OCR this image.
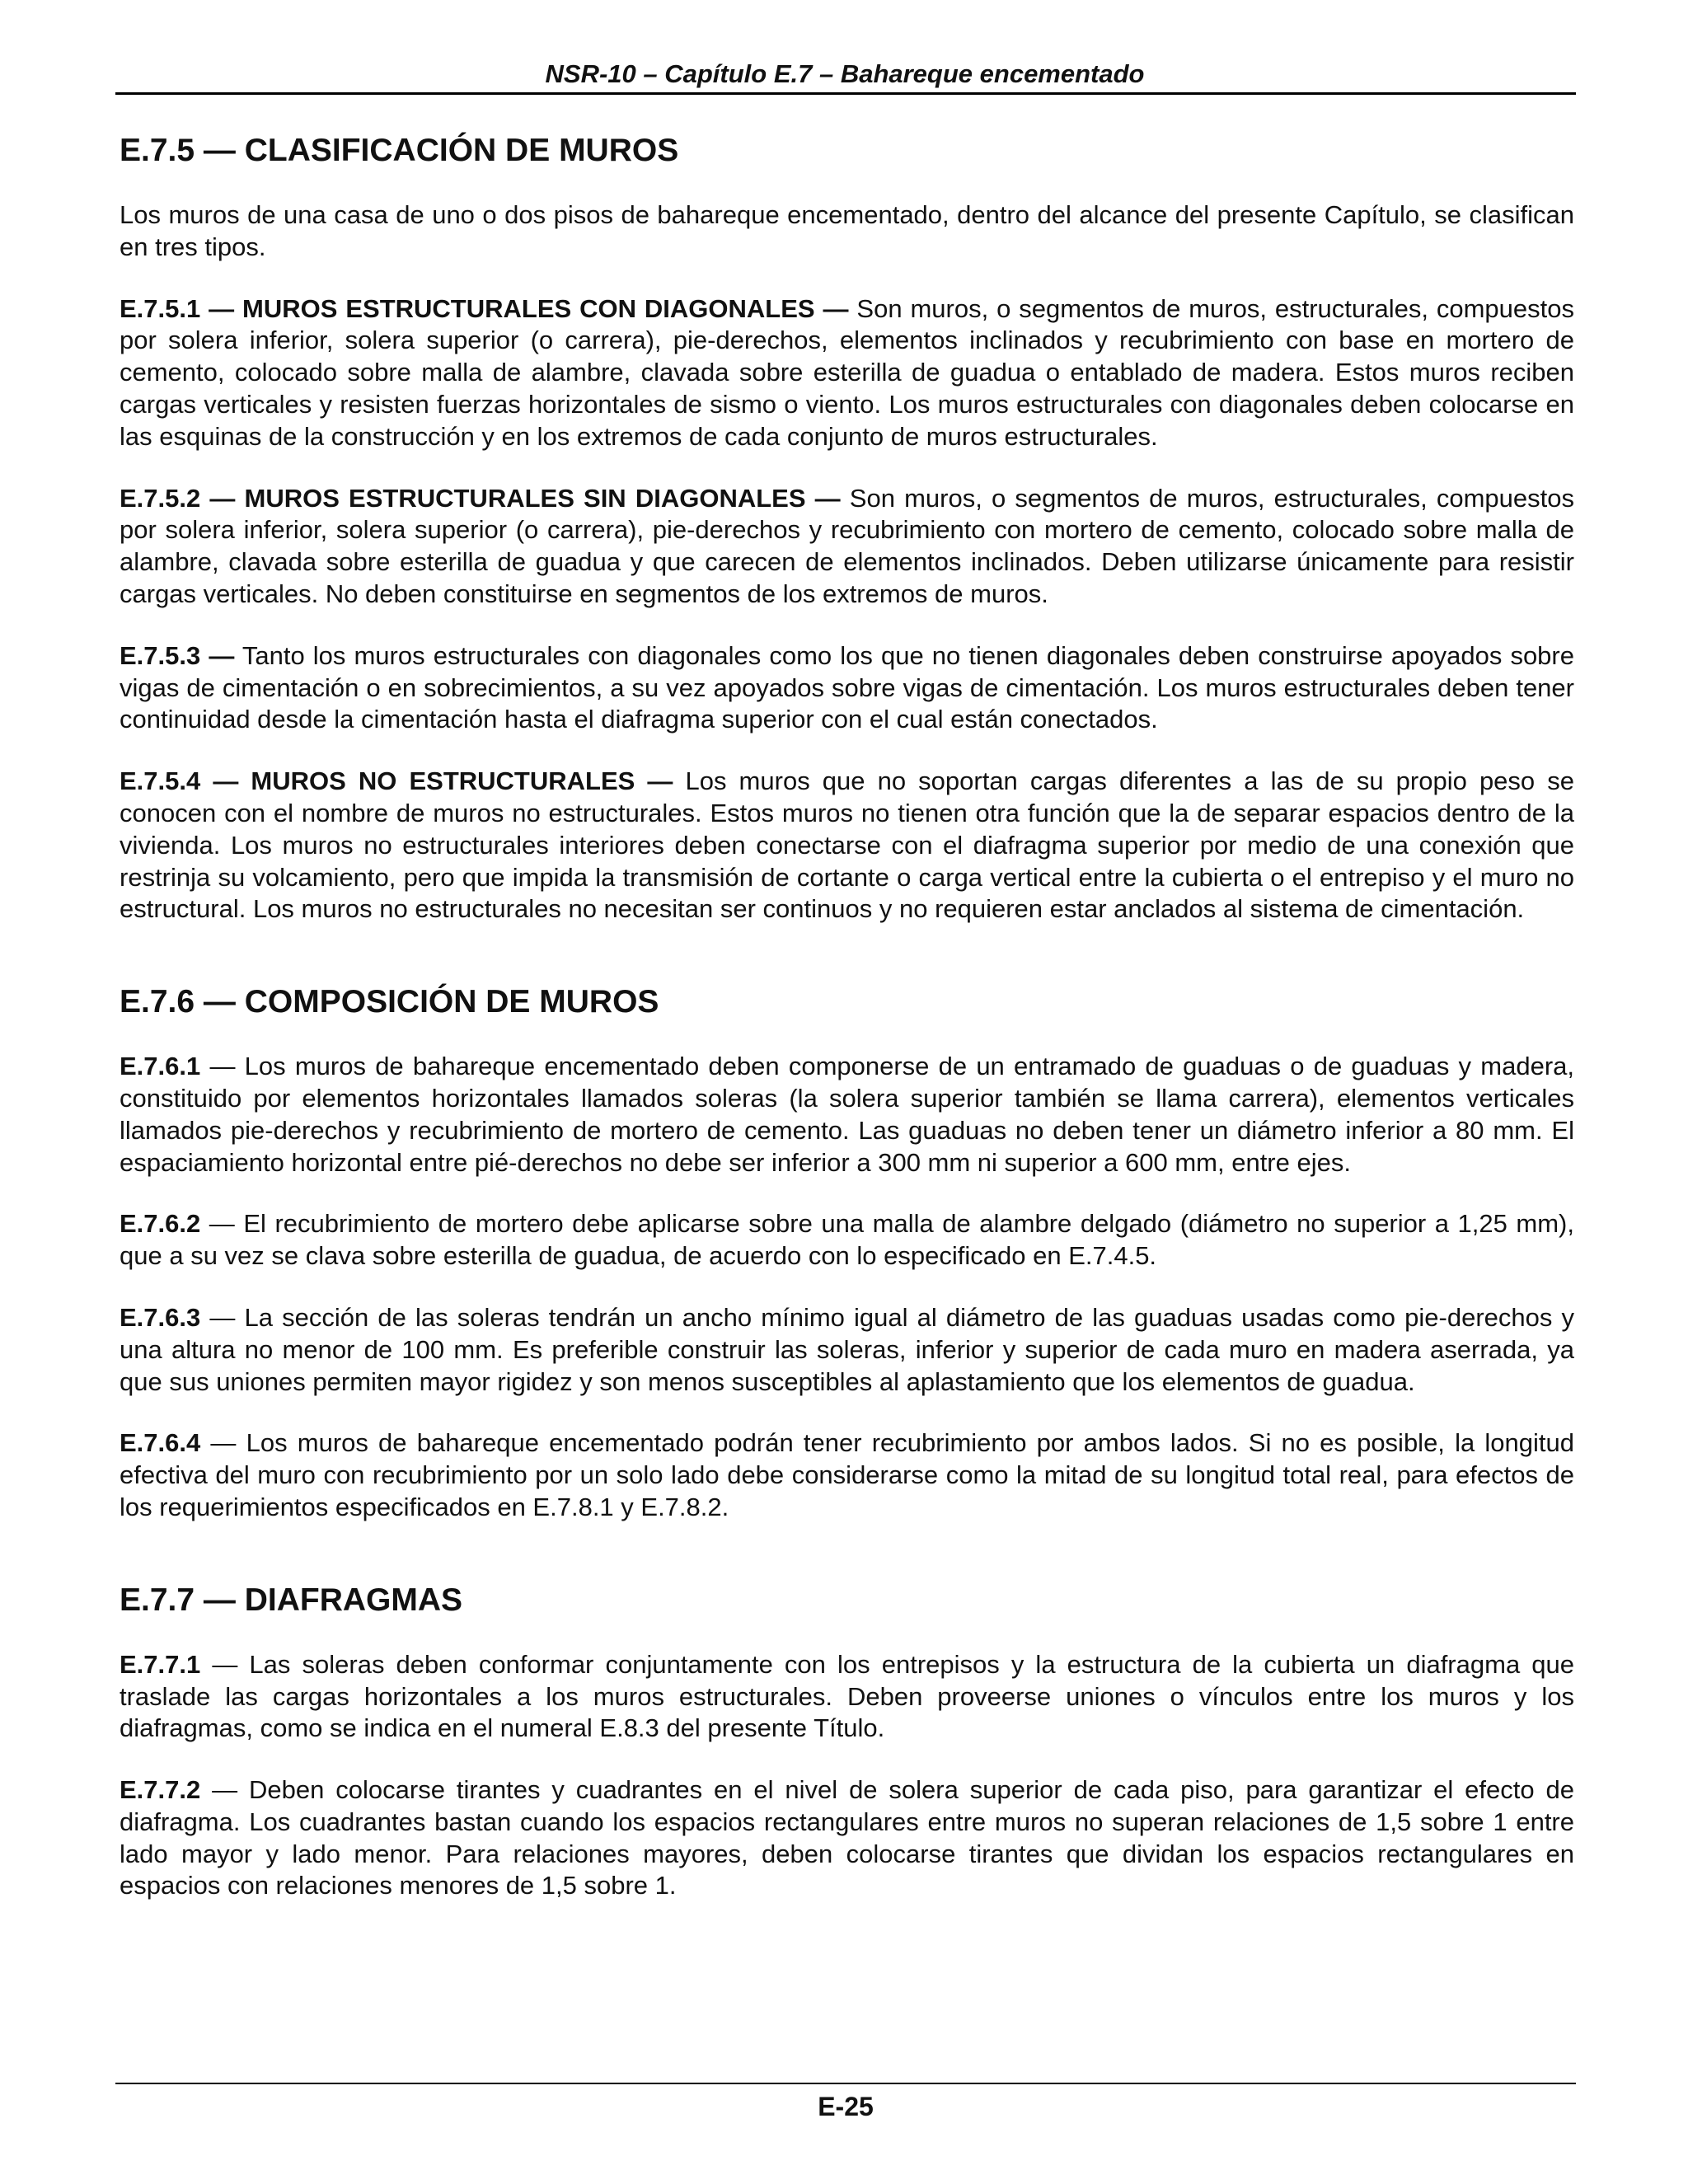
NSR-10 – Capítulo E.7 – Bahareque encementado
E.7.5 — CLASIFICACIÓN DE MUROS

Los muros de una casa de uno o dos pisos de bahareque encementado, dentro del alcance del presente Capítulo, se clasifican en tres tipos.

E.7.5.1 — MUROS ESTRUCTURALES CON DIAGONALES — Son muros, o segmentos de muros, estructurales, compuestos por solera inferior, solera superior (o carrera), pie-derechos, elementos inclinados y recubrimiento con base en mortero de cemento, colocado sobre malla de alambre, clavada sobre esterilla de guadua o entablado de madera. Estos muros reciben cargas verticales y resisten fuerzas horizontales de sismo o viento. Los muros estructurales con diagonales deben colocarse en las esquinas de la construcción y en los extremos de cada conjunto de muros estructurales.

E.7.5.2 — MUROS ESTRUCTURALES SIN DIAGONALES — Son muros, o segmentos de muros, estructurales, compuestos por solera inferior, solera superior (o carrera), pie-derechos y recubrimiento con mortero de cemento, colocado sobre malla de alambre, clavada sobre esterilla de guadua y que carecen de elementos inclinados. Deben utilizarse únicamente para resistir cargas verticales. No deben constituirse en segmentos de los extremos de muros.

E.7.5.3 — Tanto los muros estructurales con diagonales como los que no tienen diagonales deben construirse apoyados sobre vigas de cimentación o en sobrecimientos, a su vez apoyados sobre vigas de cimentación. Los muros estructurales deben tener continuidad desde la cimentación hasta el diafragma superior con el cual están conectados.

E.7.5.4 — MUROS NO ESTRUCTURALES — Los muros que no soportan cargas diferentes a las de su propio peso se conocen con el nombre de muros no estructurales. Estos muros no tienen otra función que la de separar espacios dentro de la vivienda. Los muros no estructurales interiores deben conectarse con el diafragma superior por medio de una conexión que restrinja su volcamiento, pero que impida la transmisión de cortante o carga vertical entre la cubierta o el entrepiso y el muro no estructural. Los muros no estructurales no necesitan ser continuos y no requieren estar anclados al sistema de cimentación.

E.7.6 — COMPOSICIÓN DE MUROS

E.7.6.1 — Los muros de bahareque encementado deben componerse de un entramado de guaduas o de guaduas y madera, constituido por elementos horizontales llamados soleras (la solera superior también se llama carrera), elementos verticales llamados pie-derechos y recubrimiento de mortero de cemento. Las guaduas no deben tener un diámetro inferior a 80 mm. El espaciamiento horizontal entre pié-derechos no debe ser inferior a 300 mm ni superior a 600 mm, entre ejes.

E.7.6.2 — El recubrimiento de mortero debe aplicarse sobre una malla de alambre delgado (diámetro no superior a 1,25 mm), que a su vez se clava sobre esterilla de guadua, de acuerdo con lo especificado en E.7.4.5.

E.7.6.3 — La sección de las soleras tendrán un ancho mínimo igual al diámetro de las guaduas usadas como pie-derechos y una altura no menor de 100 mm. Es preferible construir las soleras, inferior y superior de cada muro en madera aserrada, ya que sus uniones permiten mayor rigidez y son menos susceptibles al aplastamiento que los elementos de guadua.

E.7.6.4 — Los muros de bahareque encementado podrán tener recubrimiento por ambos lados. Si no es posible, la longitud efectiva del muro con recubrimiento por un solo lado debe considerarse como la mitad de su longitud total real, para efectos de los requerimientos especificados en E.7.8.1 y E.7.8.2.

E.7.7 — DIAFRAGMAS

E.7.7.1 — Las soleras deben conformar conjuntamente con los entrepisos y la estructura de la cubierta un diafragma que traslade las cargas horizontales a los muros estructurales. Deben proveerse uniones o vínculos entre los muros y los diafragmas, como se indica en el numeral E.8.3 del presente Título.

E.7.7.2 — Deben colocarse tirantes y cuadrantes en el nivel de solera superior de cada piso, para garantizar el efecto de diafragma. Los cuadrantes bastan cuando los espacios rectangulares entre muros no superan relaciones de 1,5 sobre 1 entre lado mayor y lado menor. Para relaciones mayores, deben colocarse tirantes que dividan los espacios rectangulares en espacios con relaciones menores de 1,5 sobre 1.

E-25
